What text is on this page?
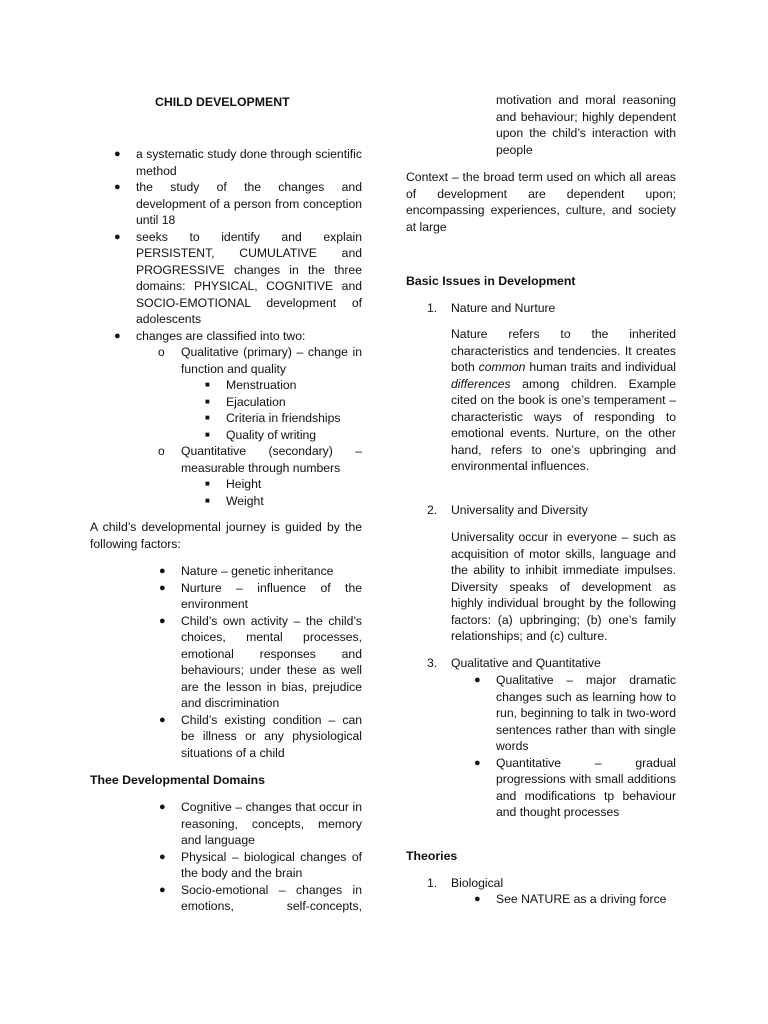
CHILD DEVELOPMENT
●	a systematic study done through scientific method
●	the study of the changes and development of a person from conception until 18
●	seeks to identify and explain PERSISTENT, CUMULATIVE and PROGRESSIVE changes in the three domains: PHYSICAL, COGNITIVE and SOCIO-EMOTIONAL development of adolescents
●	changes are classified into two:
o	Qualitative (primary) – change in function and quality
■	Menstruation
■	Ejaculation
■	Criteria in friendships
■	Quality of writing
o	Quantitative (secondary) – measurable through numbers
■	Height
■	Weight
A child’s developmental journey is guided by the following factors:
●	Nature – genetic inheritance
●	Nurture – influence of the environment
●	Child’s own activity – the child’s choices, mental processes, emotional responses and behaviours; under these as well are the lesson in bias, prejudice and discrimination
●	Child’s existing condition – can be illness or any physiological situations of a child
Thee Developmental Domains
●	Cognitive – changes that occur in reasoning, concepts, memory and language
●	Physical – biological changes of the body and the brain
●	Socio-emotional – changes in emotions, self-concepts,
motivation and moral reasoning and behaviour; highly dependent upon the child’s interaction with people
Context – the broad term used on which all areas of development are dependent upon; encompassing experiences, culture, and society at large
Basic Issues in Development
1. Nature and Nurture
Nature refers to the inherited characteristics and tendencies. It creates both common human traits and individual differences among children. Example cited on the book is one’s temperament – characteristic ways of responding to emotional events. Nurture, on the other hand, refers to one’s upbringing and environmental influences.
2. Universality and Diversity
Universality occur in everyone – such as acquisition of motor skills, language and the ability to inhibit immediate impulses. Diversity speaks of development as highly individual brought by the following factors: (a) upbringing; (b) one’s family relationships; and (c) culture.
3. Qualitative and Quantitative
●	Qualitative – major dramatic changes such as learning how to run, beginning to talk in two-word sentences rather than with single words
●	Quantitative – gradual progressions with small additions and modifications tp behaviour and thought processes
Theories
1. Biological
●	See NATURE as a driving force
